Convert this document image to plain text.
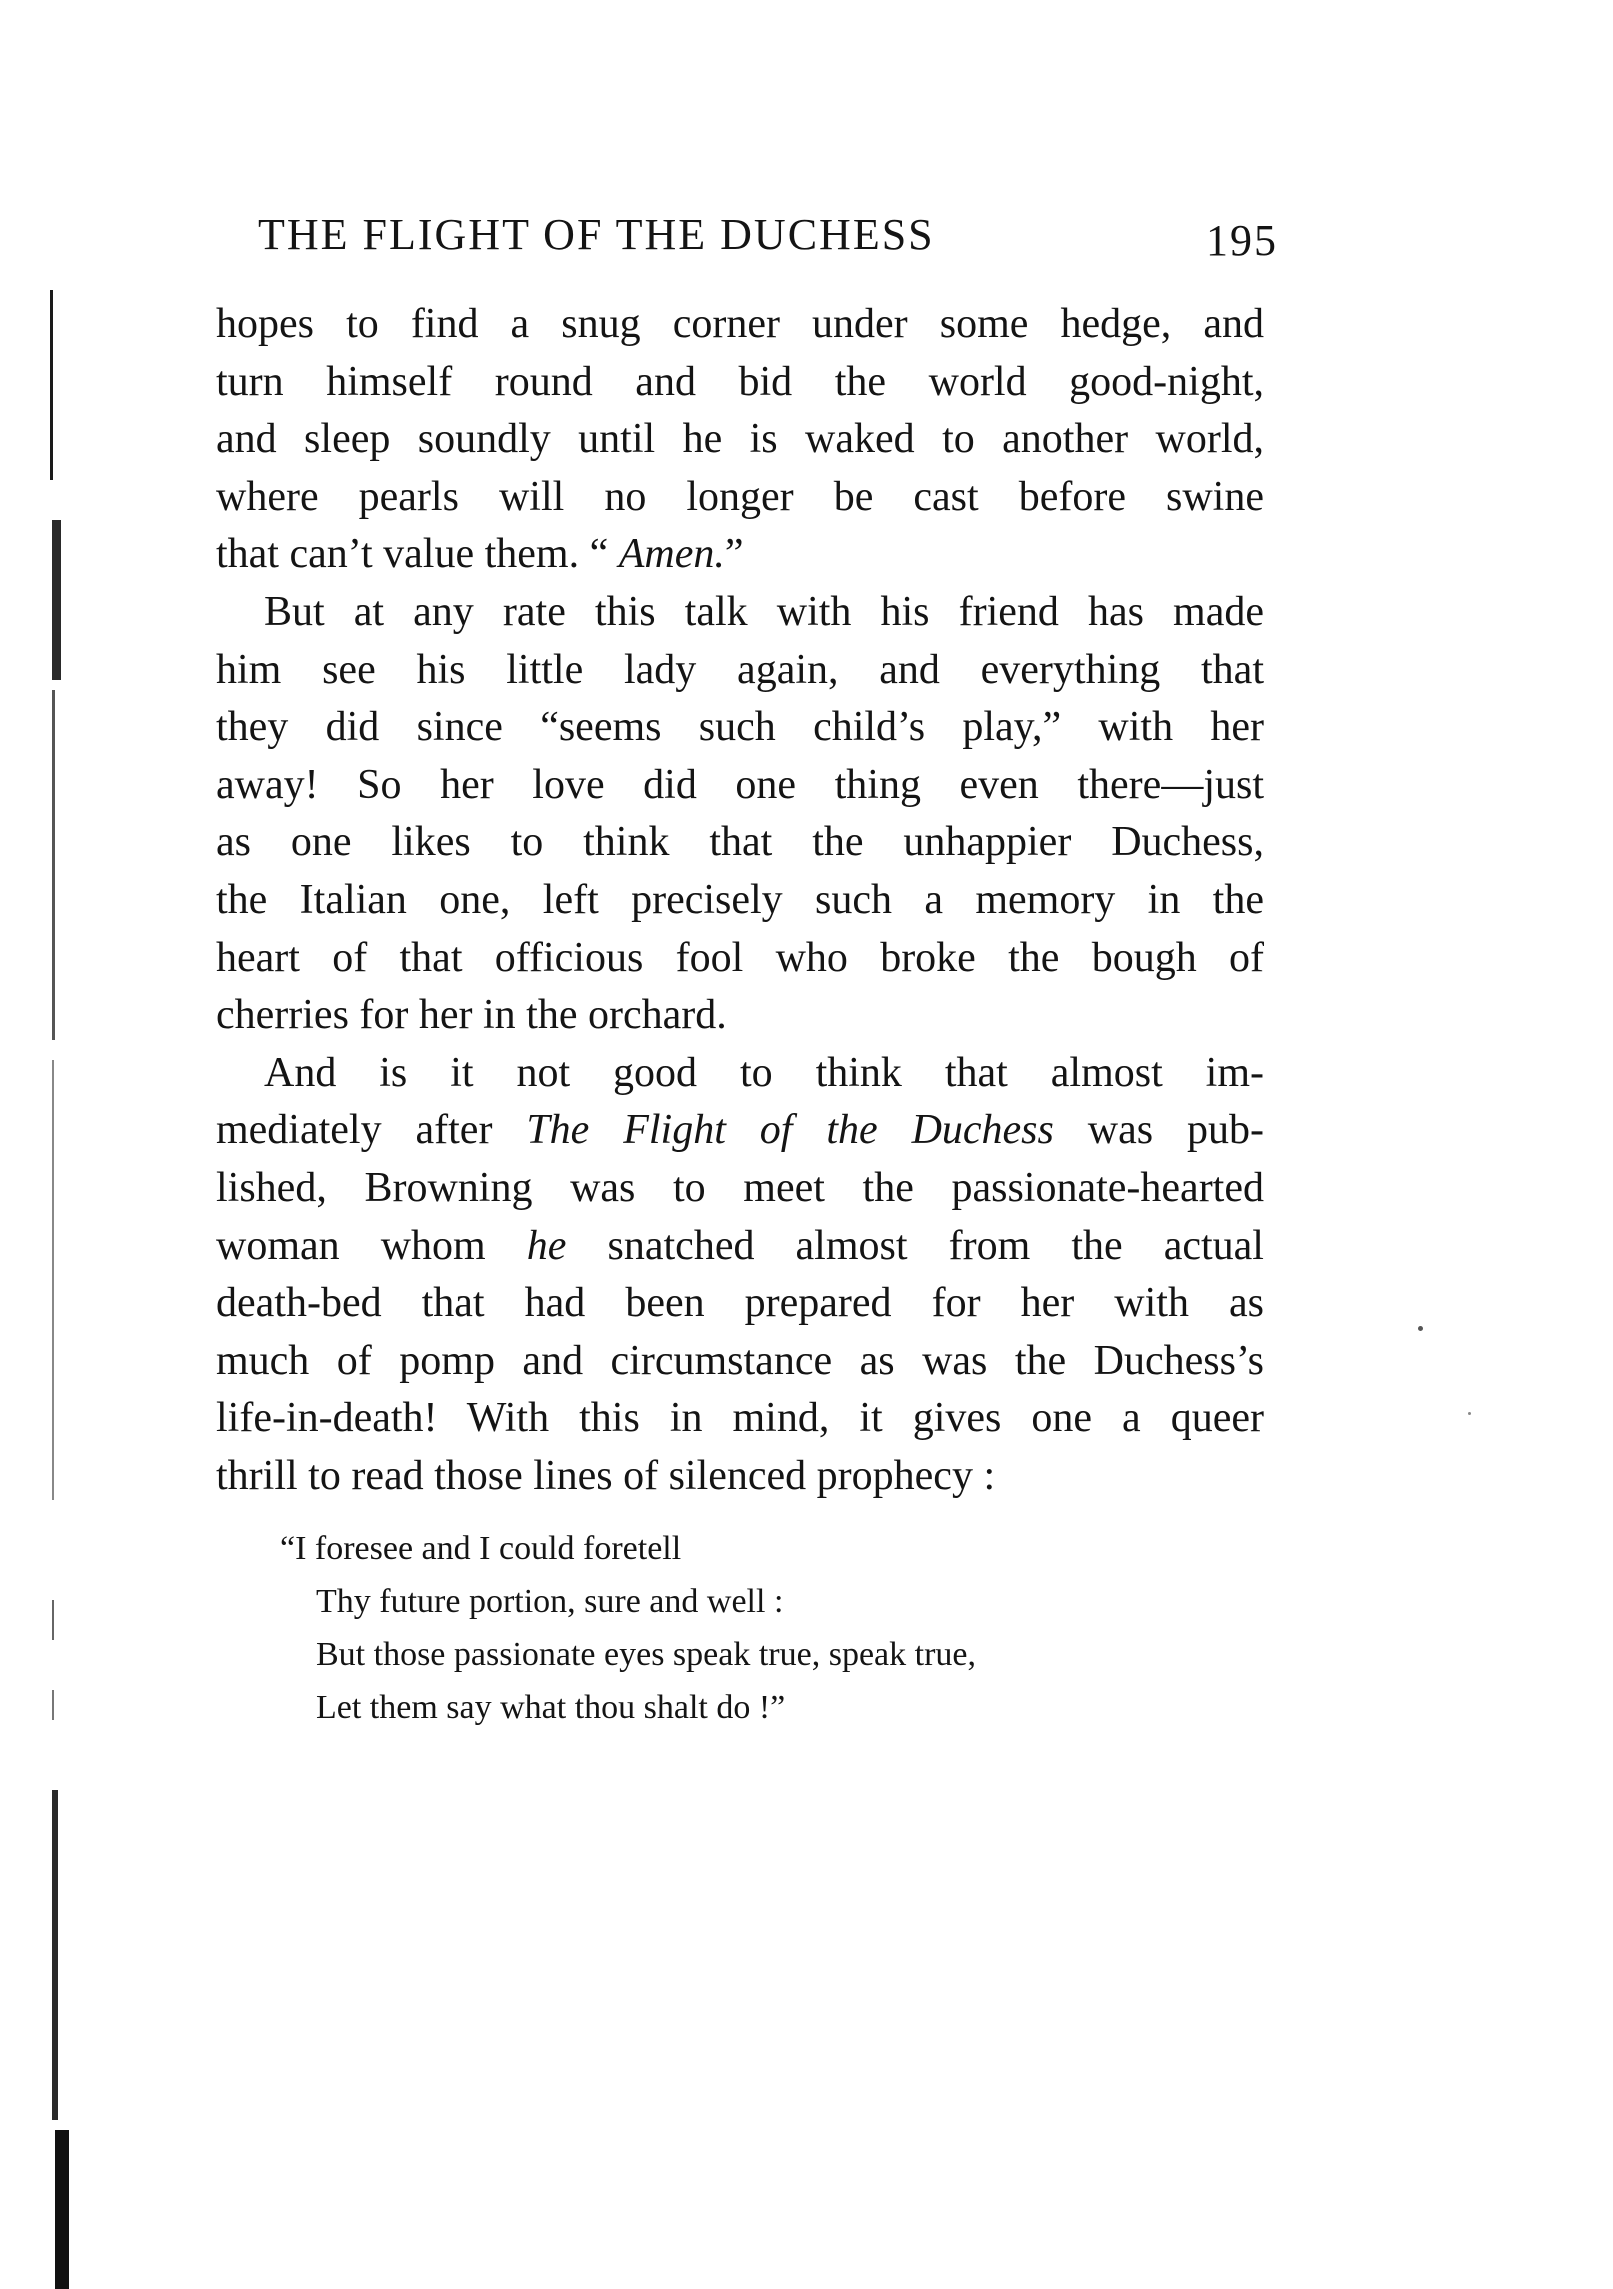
THE FLIGHT OF THE DUCHESS	195
hopes to find a snug corner under some hedge, and
turn himself round and bid the world good-night,
and sleep soundly until he is waked to another world,
where pearls will no longer be cast before swine
that can’t value them. “ Amen.”
But at any rate this talk with his friend has made
him see his little lady again, and everything that
they did since “seems such child’s play,” with her
away! So her love did one thing even there—just
as one likes to think that the unhappier Duchess,
the Italian one, left precisely such a memory in the
heart of that officious fool who broke the bough of
cherries for her in the orchard.
And is it not good to think that almost im-
mediately after The Flight of the Duchess was pub-
lished, Browning was to meet the passionate-hearted
woman whom he snatched almost from the actual
death-bed that had been prepared for her with as
much of pomp and circumstance as was the Duchess’s
life-in-death! With this in mind, it gives one a queer
thrill to read those lines of silenced prophecy :
“I foresee and I could foretell
Thy future portion, sure and well :
But those passionate eyes speak true, speak true,
Let them say what thou shalt do !”
